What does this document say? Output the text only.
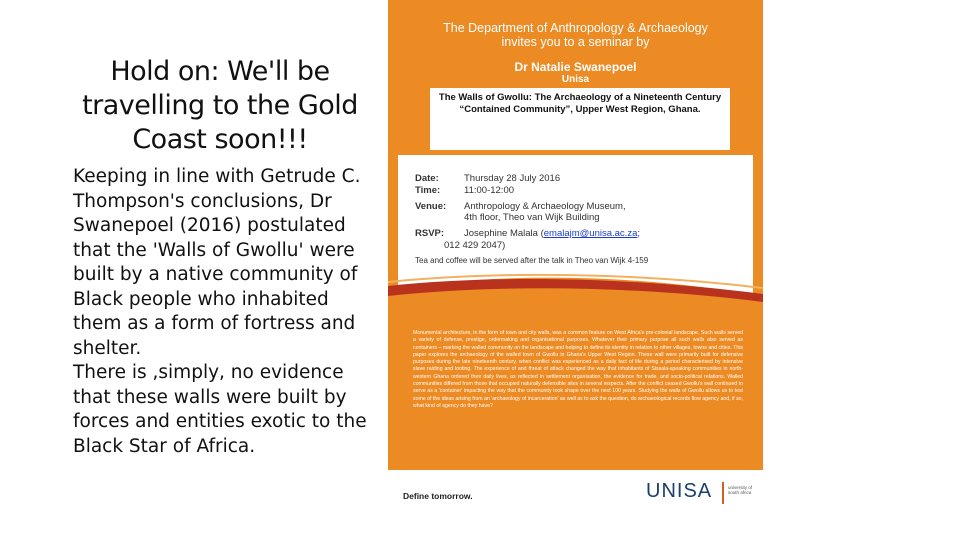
Hold on: We'll be travelling to the Gold Coast soon!!!

Keeping in line with Getrude C. Thompson's conclusions, Dr Swanepoel (2016) postulated that the 'Walls of Gwollu' were built by a native community of Black people who inhabited them as a form of fortress and shelter.

There is ,simply, no evidence that these walls were built by forces and entities exotic to the Black Star of Africa.

The Department of Anthropology & Archaeology
invites you to a seminar by
Dr Natalie Swanepoel
Unisa
The Walls of Gwollu: The Archaeology of a Nineteenth Century “Contained Community”, Upper West Region, Ghana.
Date:	Thursday 28 July 2016
Time:	11:00-12:00
Venue: Anthropology & Archaeology Museum,
4th floor, Theo van Wijk Building
RSVP: Josephine Malala (emalajm@unisa.ac.za;
012 429 2047)
Tea and coffee will be served after the talk in Theo van Wijk 4-159
Monumental architecture, in the form of town and city walls, was a common feature on West Africa's pre-colonial landscape. Such walls served a variety of defense, prestige, ordermaking and organisational purposes. Whatever their primary purpose all such walls also served as containers – marking the walled community on the landscape and helping to define its identity in relation to other villages, towns and cities. This paper explores the archaeology of the walled town of Gwollu in Ghana's Upper West Region. These wall were primarily built for defensive purposes during the late nineteenth century, when conflict was experienced as a daily fact of life during a period characterised by intensive slave raiding and looting. The experience of and threat of attack changed the way that inhabitants of Sissala-speaking communities in north-western Ghana ordered their daily lives, as reflected in settlement organisation, the evidence for trade, and socio-political relations. Walled communities differed from those that occupied naturally defensible sites in several respects. After the conflict ceased Gwollu's wall continued to serve as a 'container' impacting the way that the community took shape over the next 100 years. Studying the walls of Gwollu allows us to test some of the ideas arising from an 'archaeology of incarceration' as well as to ask the question, do archaeological records flow agency and, if so, what kind of agency do they have?
Define tomorrow.	UNISA	university of south africa
